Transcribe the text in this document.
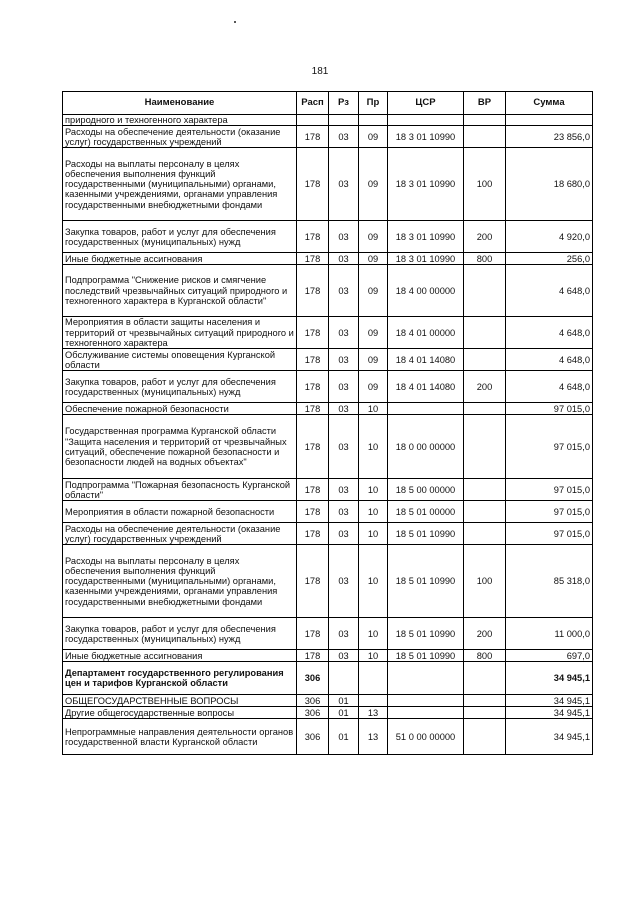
181
Наименование	Расп	Рз	Пр	ЦСР	ВР	Сумма
природного и техногенного характера						
Расходы на обеспечение деятельности (оказание услуг) государственных учреждений	178	03	09	18 3 01 10990		23 856,0
Расходы на выплаты персоналу в целях обеспечения выполнения функций государственными (муниципальными) органами, казенными учреждениями, органами управления государственными внебюджетными фондами	178	03	09	18 3 01 10990	100	18 680,0
Закупка товаров, работ и услуг для обеспечения государственных (муниципальных) нужд	178	03	09	18 3 01 10990	200	4 920,0
Иные бюджетные ассигнования	178	03	09	18 3 01 10990	800	256,0
Подпрограмма "Снижение рисков и смягчение последствий чрезвычайных ситуаций природного и техногенного характера в Курганской области"	178	03	09	18 4 00 00000		4 648,0
Мероприятия в области защиты населения и территорий от чрезвычайных ситуаций природного и техногенного характера	178	03	09	18 4 01 00000		4 648,0
Обслуживание системы оповещения Курганской области	178	03	09	18 4 01 14080		4 648,0
Закупка товаров, работ и услуг для обеспечения государственных (муниципальных) нужд	178	03	09	18 4 01 14080	200	4 648,0
Обеспечение пожарной безопасности	178	03	10			97 015,0
Государственная программа Курганской области "Защита населения и территорий от чрезвычайных ситуаций, обеспечение пожарной безопасности и безопасности людей на водных объектах"	178	03	10	18 0 00 00000		97 015,0
Подпрограмма "Пожарная безопасность Курганской области"	178	03	10	18 5 00 00000		97 015,0
Мероприятия в области пожарной безопасности	178	03	10	18 5 01 00000		97 015,0
Расходы на обеспечение деятельности (оказание услуг) государственных учреждений	178	03	10	18 5 01 10990		97 015,0
Расходы на выплаты персоналу в целях обеспечения выполнения функций государственными (муниципальными) органами, казенными учреждениями, органами управления государственными внебюджетными фондами	178	03	10	18 5 01 10990	100	85 318,0
Закупка товаров, работ и услуг для обеспечения государственных (муниципальных) нужд	178	03	10	18 5 01 10990	200	11 000,0
Иные бюджетные ассигнования	178	03	10	18 5 01 10990	800	697,0
Департамент государственного регулирования цен и тарифов Курганской области	306					34 945,1
ОБЩЕГОСУДАРСТВЕННЫЕ ВОПРОСЫ	306	01				34 945,1
Другие общегосударственные вопросы	306	01	13			34 945,1
Непрограммные направления деятельности органов государственной власти Курганской области	306	01	13	51 0 00 00000		34 945,1
